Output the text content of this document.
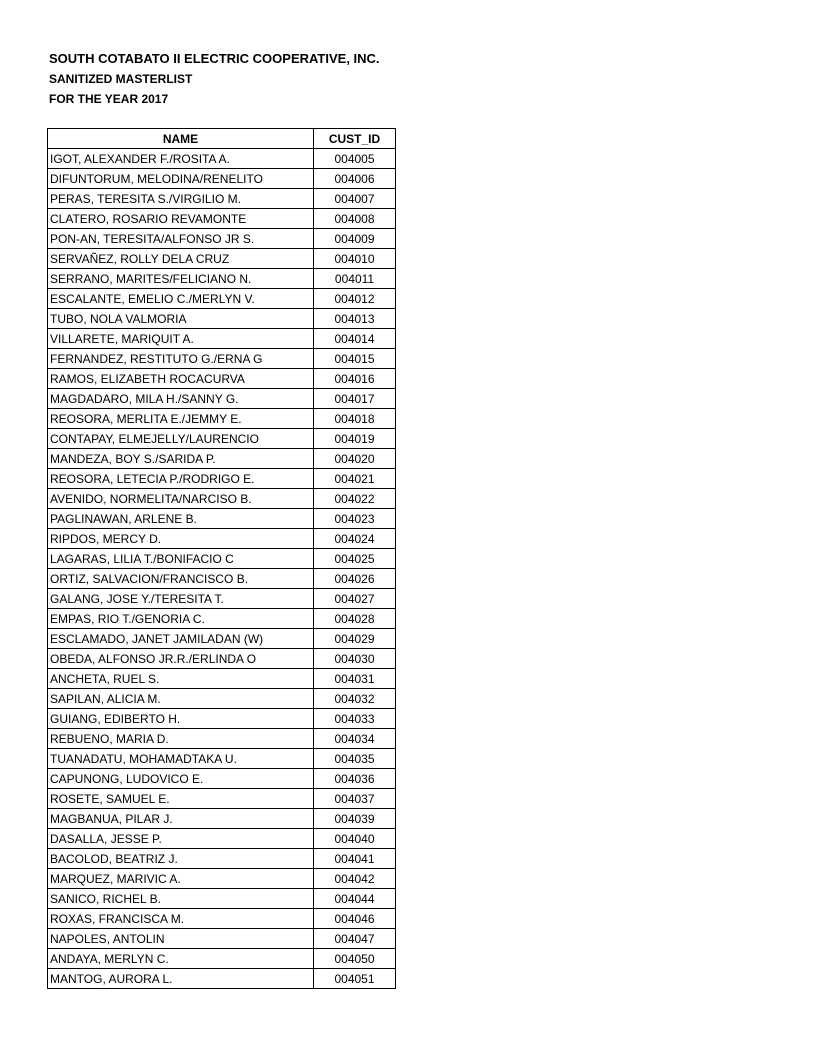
SOUTH COTABATO II ELECTRIC COOPERATIVE, INC.
SANITIZED MASTERLIST
FOR THE YEAR 2017
NAME	CUST_ID
IGOT, ALEXANDER F./ROSITA A.	004005
DIFUNTORUM, MELODINA/RENELITO	004006
PERAS, TERESITA S./VIRGILIO M.	004007
CLATERO, ROSARIO REVAMONTE	004008
PON-AN, TERESITA/ALFONSO JR S.	004009
SERVAÑEZ, ROLLY DELA CRUZ	004010
SERRANO, MARITES/FELICIANO N.	004011
ESCALANTE, EMELIO C./MERLYN V.	004012
TUBO, NOLA VALMORIA	004013
VILLARETE, MARIQUIT A.	004014
FERNANDEZ, RESTITUTO G./ERNA G	004015
RAMOS, ELIZABETH ROCACURVA	004016
MAGDADARO, MILA H./SANNY G.	004017
REOSORA, MERLITA E./JEMMY E.	004018
CONTAPAY, ELMEJELLY/LAURENCIO	004019
MANDEZA, BOY S./SARIDA P.	004020
REOSORA, LETECIA P./RODRIGO E.	004021
AVENIDO, NORMELITA/NARCISO B.	004022
PAGLINAWAN, ARLENE B.	004023
RIPDOS, MERCY D.	004024
LAGARAS, LILIA T./BONIFACIO C	004025
ORTIZ, SALVACION/FRANCISCO B.	004026
GALANG, JOSE Y./TERESITA T.	004027
EMPAS, RIO T./GENORIA C.	004028
ESCLAMADO, JANET JAMILADAN (W)	004029
OBEDA, ALFONSO JR.R./ERLINDA O	004030
ANCHETA, RUEL S.	004031
SAPILAN, ALICIA M.	004032
GUIANG, EDIBERTO H.	004033
REBUENO, MARIA D.	004034
TUANADATU, MOHAMADTAKA U.	004035
CAPUNONG, LUDOVICO E.	004036
ROSETE, SAMUEL E.	004037
MAGBANUA, PILAR J.	004039
DASALLA, JESSE P.	004040
BACOLOD, BEATRIZ J.	004041
MARQUEZ, MARIVIC A.	004042
SANICO, RICHEL B.	004044
ROXAS, FRANCISCA M.	004046
NAPOLES, ANTOLIN	004047
ANDAYA, MERLYN C.	004050
MANTOG, AURORA L.	004051
